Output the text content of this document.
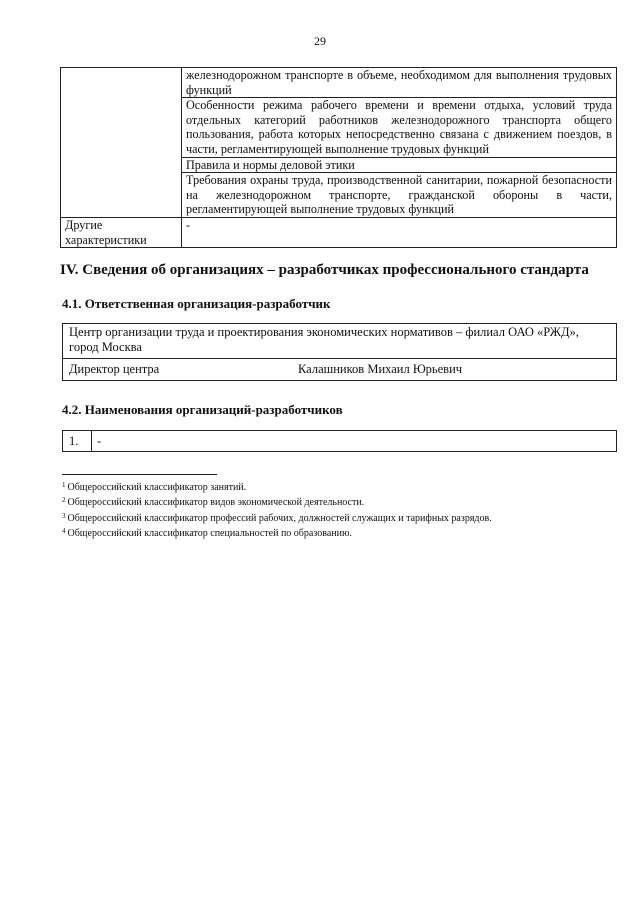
29
	железнодорожном транспорте в объеме, необходимом для выполнения трудовых функций
	Особенности режима рабочего времени и времени отдыха, условий труда отдельных категорий работников железнодорожного транспорта общего пользования, работа которых непосредственно связана с движением поездов, в части, регламентирующей выполнение трудовых функций
	Правила и нормы деловой этики
	Требования охраны труда, производственной санитарии, пожарной безопасности на железнодорожном транспорте, гражданской обороны в части, регламентирующей выполнение трудовых функций
Другие характеристики	-
IV. Сведения об организациях – разработчиках профессионального стандарта
4.1. Ответственная организация-разработчик
Центр организации труда и проектирования экономических нормативов – филиал ОАО «РЖД», город Москва
Директор центра	Калашников Михаил Юрьевич
4.2. Наименования организаций-разработчиков
1. -
$^1$ Общероссийский классификатор занятий.
$^2$ Общероссийский классификатор видов экономической деятельности.
$^3$ Общероссийский классификатор профессий рабочих, должностей служащих и тарифных разрядов.
$^4$ Общероссийский классификатор специальностей по образованию.
